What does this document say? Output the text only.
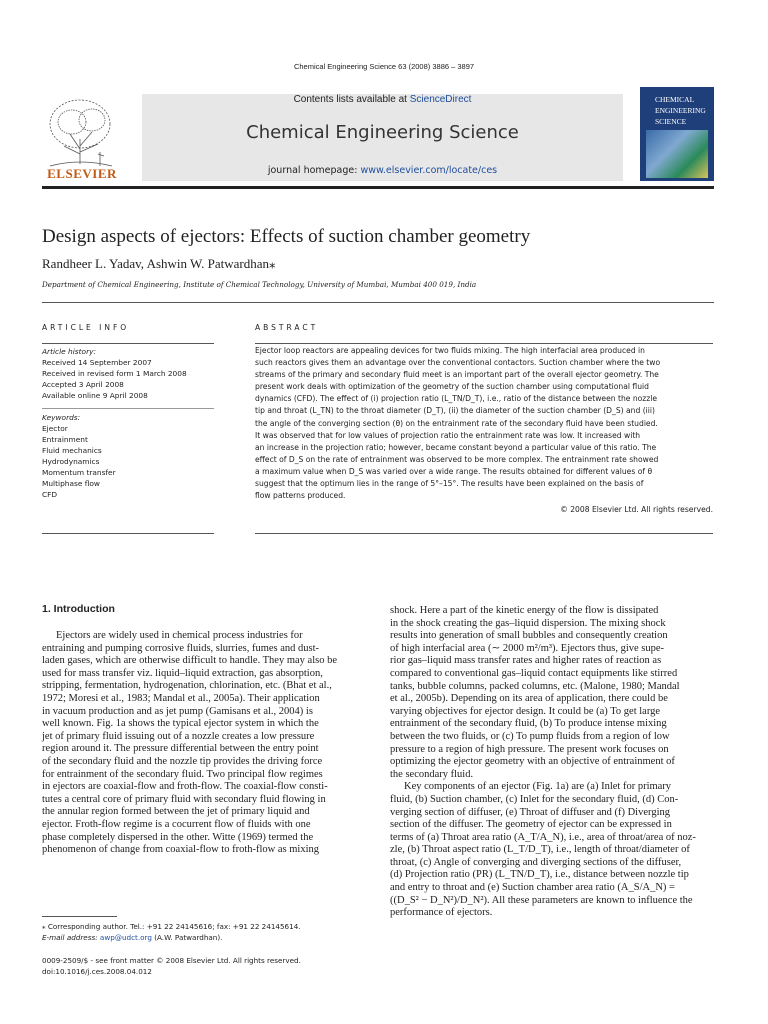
Chemical Engineering Science 63 (2008) 3886 – 3897
ELSEVIER
Contents lists available at ScienceDirect
Chemical Engineering Science
journal homepage: www.elsevier.com/locate/ces
CHEMICAL ENGINEERING SCIENCE
Design aspects of ejectors: Effects of suction chamber geometry
Randheer L. Yadav, Ashwin W. Patwardhan⁎
Department of Chemical Engineering, Institute of Chemical Technology, University of Mumbai, Mumbai 400 019, India
ARTICLE INFO
Article history:
Received 14 September 2007
Received in revised form 1 March 2008
Accepted 3 April 2008
Available online 9 April 2008
Keywords:
Ejector
Entrainment
Fluid mechanics
Hydrodynamics
Momentum transfer
Multiphase flow
CFD
ABSTRACT
Ejector loop reactors are appealing devices for two fluids mixing. The high interfacial area produced in
such reactors gives them an advantage over the conventional contactors. Suction chamber where the two
streams of the primary and secondary fluid meet is an important part of the overall ejector geometry. The
present work deals with optimization of the geometry of the suction chamber using computational fluid
dynamics (CFD). The effect of (i) projection ratio (L_TN/D_T), i.e., ratio of the distance between the nozzle
tip and throat (L_TN) to the throat diameter (D_T), (ii) the diameter of the suction chamber (D_S) and (iii)
the angle of the converging section (θ) on the entrainment rate of the secondary fluid have been studied.
It was observed that for low values of projection ratio the entrainment rate was low. It increased with
an increase in the projection ratio; however, became constant beyond a particular value of this ratio. The
effect of D_S on the rate of entrainment was observed to be more complex. The entrainment rate showed
a maximum value when D_S was varied over a wide range. The results obtained for different values of θ
suggest that the optimum lies in the range of 5°–15°. The results have been explained on the basis of
flow patterns produced.
© 2008 Elsevier Ltd. All rights reserved.
1. Introduction
Ejectors are widely used in chemical process industries for
entraining and pumping corrosive fluids, slurries, fumes and dust-
laden gases, which are otherwise difficult to handle. They may also be
used for mass transfer viz. liquid–liquid extraction, gas absorption,
stripping, fermentation, hydrogenation, chlorination, etc. (Bhat et al.,
1972; Moresi et al., 1983; Mandal et al., 2005a). Their application
in vacuum production and as jet pump (Gamisans et al., 2004) is
well known. Fig. 1a shows the typical ejector system in which the
jet of primary fluid issuing out of a nozzle creates a low pressure
region around it. The pressure differential between the entry point
of the secondary fluid and the nozzle tip provides the driving force
for entrainment of the secondary fluid. Two principal flow regimes
in ejectors are coaxial-flow and froth-flow. The coaxial-flow consti-
tutes a central core of primary fluid with secondary fluid flowing in
the annular region formed between the jet of primary liquid and
ejector. Froth-flow regime is a cocurrent flow of fluids with one
phase completely dispersed in the other. Witte (1969) termed the
phenomenon of change from coaxial-flow to froth-flow as mixing
shock. Here a part of the kinetic energy of the flow is dissipated
in the shock creating the gas–liquid dispersion. The mixing shock
results into generation of small bubbles and consequently creation
of high interfacial area (∼ 2000 m²/m³). Ejectors thus, give supe-
rior gas–liquid mass transfer rates and higher rates of reaction as
compared to conventional gas–liquid contact equipments like stirred
tanks, bubble columns, packed columns, etc. (Malone, 1980; Mandal
et al., 2005b). Depending on its area of application, there could be
varying objectives for ejector design. It could be (a) To get large
entrainment of the secondary fluid, (b) To produce intense mixing
between the two fluids, or (c) To pump fluids from a region of low
pressure to a region of high pressure. The present work focuses on
optimizing the ejector geometry with an objective of entrainment of
the secondary fluid.
Key components of an ejector (Fig. 1a) are (a) Inlet for primary
fluid, (b) Suction chamber, (c) Inlet for the secondary fluid, (d) Con-
verging section of diffuser, (e) Throat of diffuser and (f) Diverging
section of the diffuser. The geometry of ejector can be expressed in
terms of (a) Throat area ratio (A_T/A_N), i.e., area of throat/area of noz-
zle, (b) Throat aspect ratio (L_T/D_T), i.e., length of throat/diameter of
throat, (c) Angle of converging and diverging sections of the diffuser,
(d) Projection ratio (PR) (L_TN/D_T), i.e., distance between nozzle tip
and entry to throat and (e) Suction chamber area ratio (A_S/A_N) =
((D_S² − D_N²)/D_N²). All these parameters are known to influence the
performance of ejectors.
⁎ Corresponding author. Tel.: +91 22 24145616; fax: +91 22 24145614.
E-mail address: awp@udct.org (A.W. Patwardhan).
0009-2509/$ - see front matter © 2008 Elsevier Ltd. All rights reserved.
doi:10.1016/j.ces.2008.04.012
